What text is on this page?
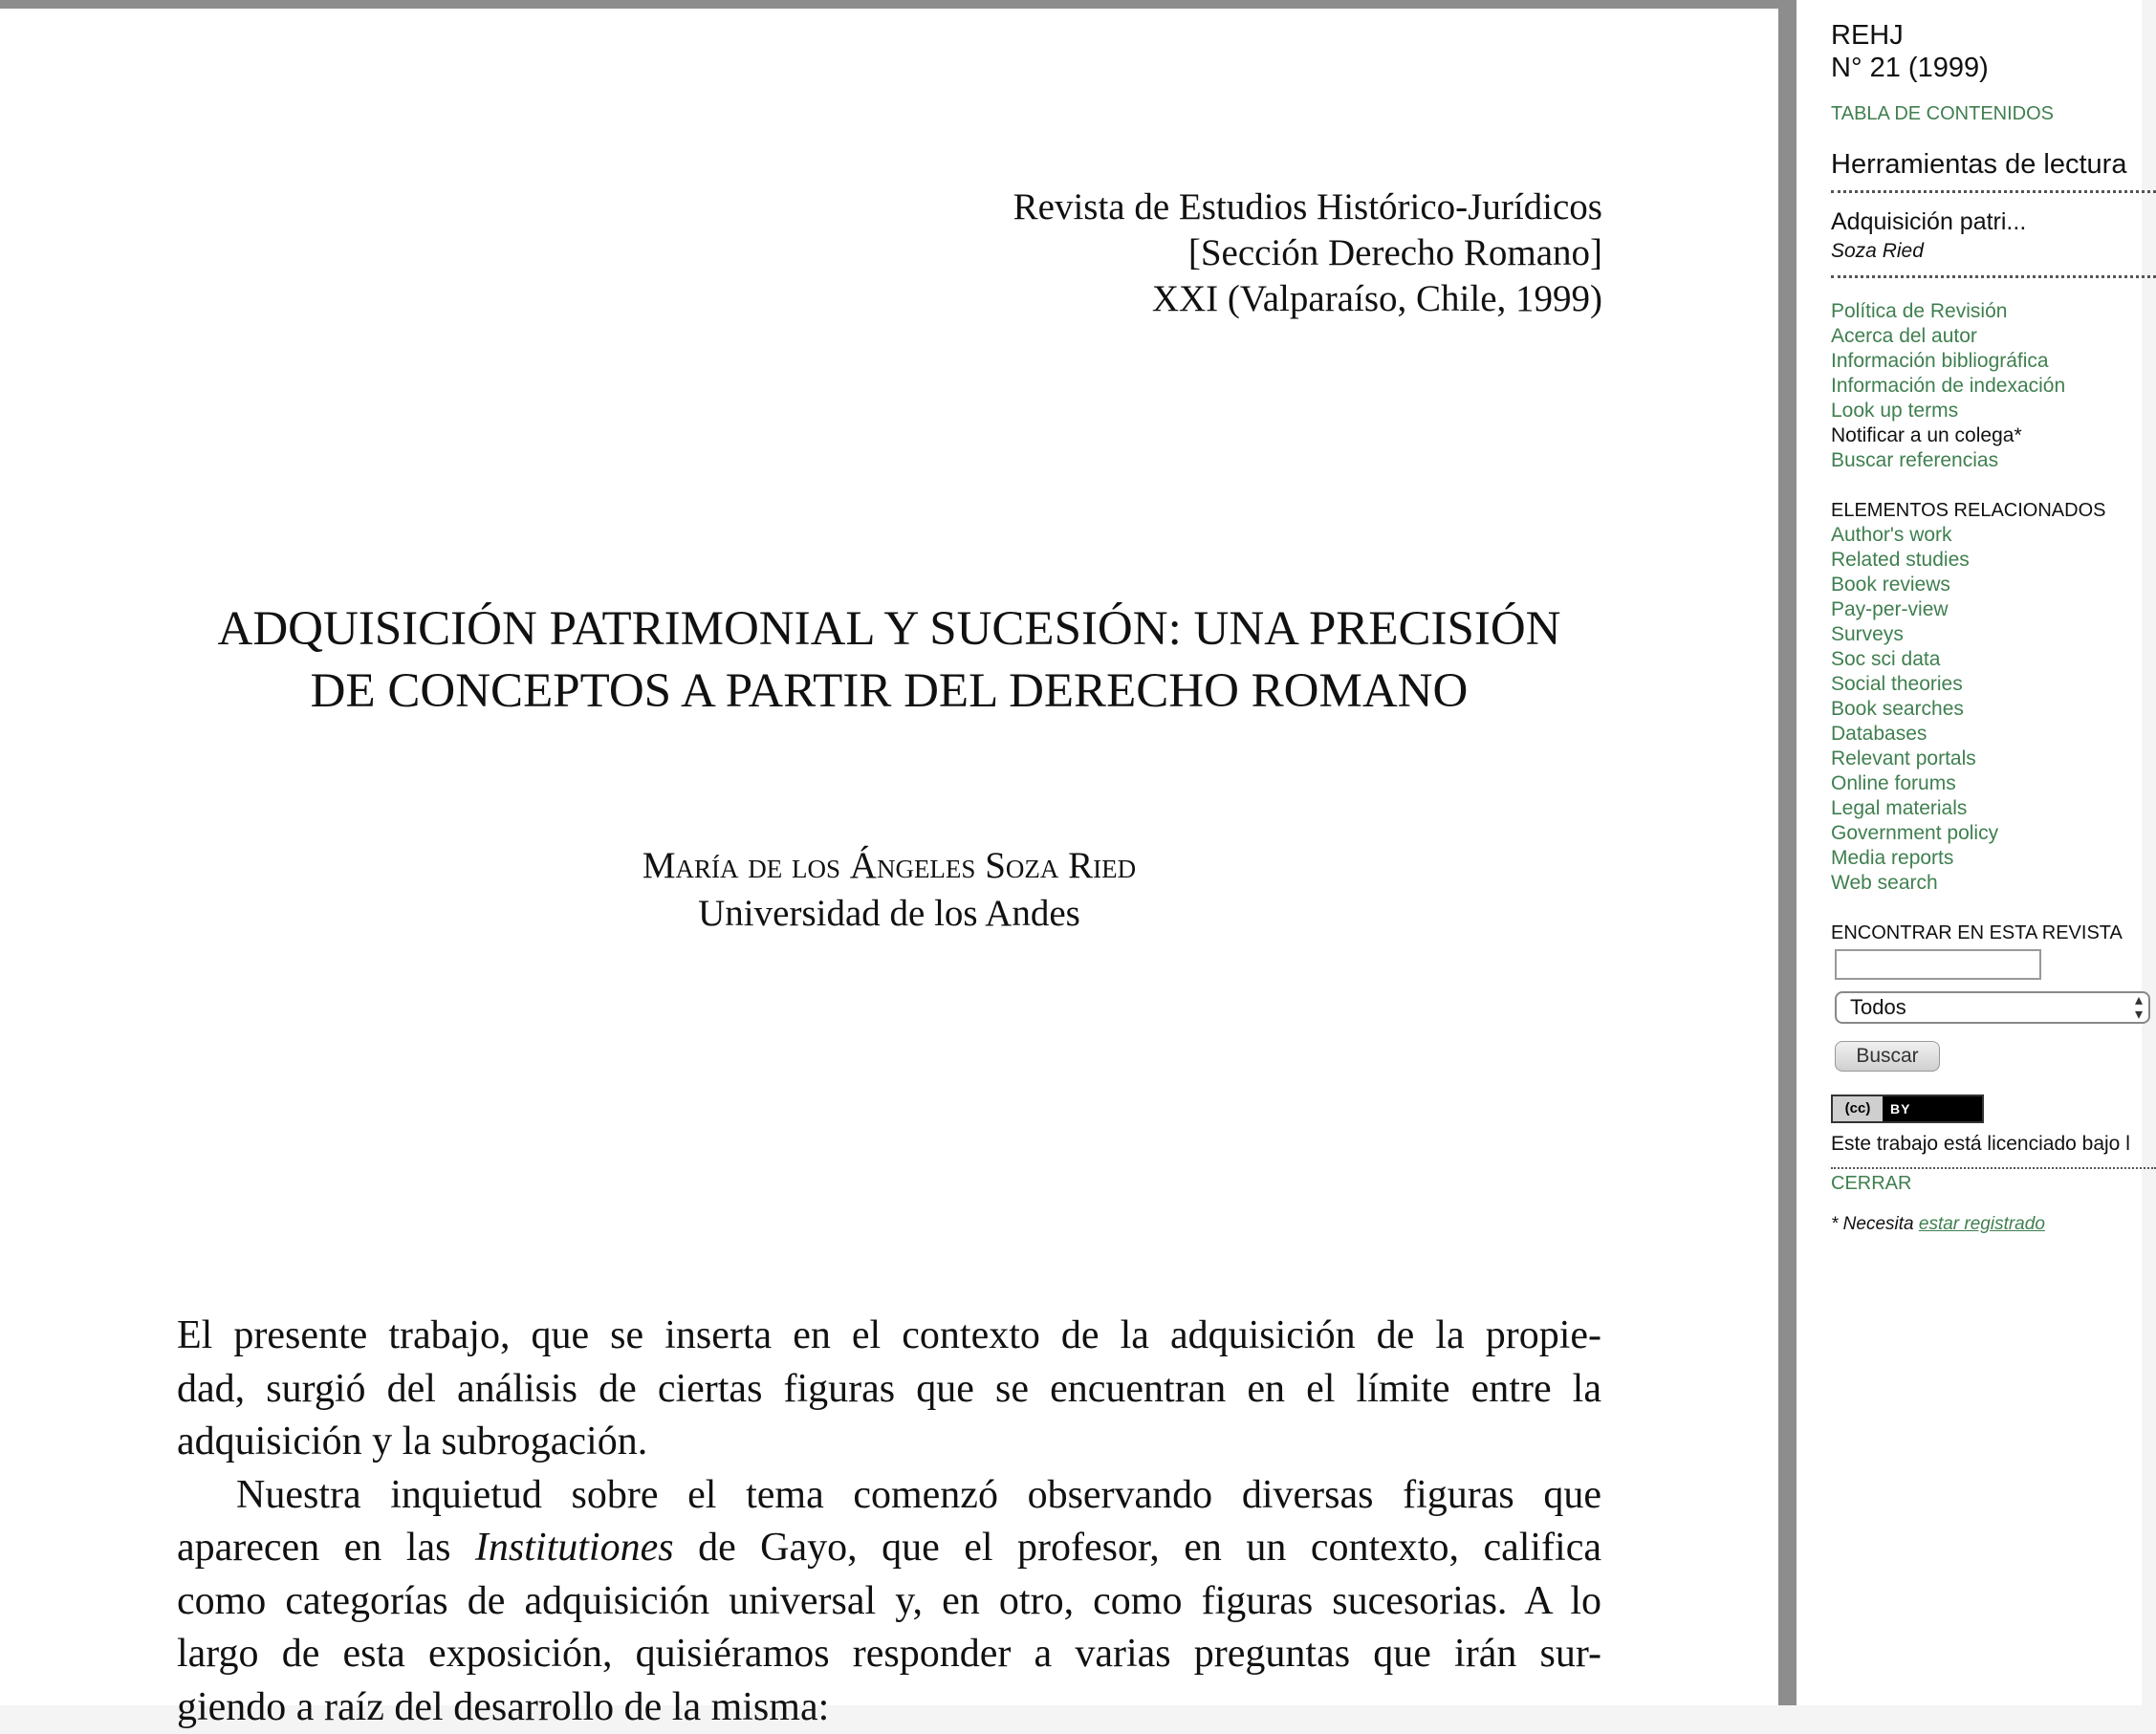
Revista de Estudios Histórico-Jurídicos
[Sección Derecho Romano]
XXI (Valparaíso, Chile, 1999)
ADQUISICIÓN PATRIMONIAL Y SUCESIÓN: UNA PRECISIÓN
DE CONCEPTOS A PARTIR DEL DERECHO ROMANO
María de los Ángeles Soza Ried
Universidad de los Andes

El presente trabajo, que se inserta en el contexto de la adquisición de la propie-

dad, surgió del análisis de ciertas figuras que se encuentran en el límite entre la

adquisición y la subrogación.

Nuestra inquietud sobre el tema comenzó observando diversas figuras que

aparecen en las Institutiones de Gayo, que el profesor, en un contexto, califica

como categorías de adquisición universal y, en otro, como figuras sucesorias. A lo

largo de esta exposición, quisiéramos responder a varias preguntas que irán sur-

giendo a raíz del desarrollo de la misma:

REHJ
N° 21 (1999)
TABLA DE CONTENIDOS
Herramientas de lectura
Adquisición patri...
Soza Ried
Política de Revisión
Acerca del autor
Información bibliográfica
Información de indexación
Look up terms
Notificar a un colega*
Buscar referencias
ELEMENTOS RELACIONADOS
Author's work
Related studies
Book reviews
Pay-per-view
Surveys
Soc sci data
Social theories
Book searches
Databases
Relevant portals
Online forums
Legal materials
Government policy
Media reports
Web search
ENCONTRAR EN ESTA REVISTA
Todos	▴
▾
Buscar
(cc)	BY
Este trabajo está licenciado bajo l
CERRAR
* Necesita estar registrado
